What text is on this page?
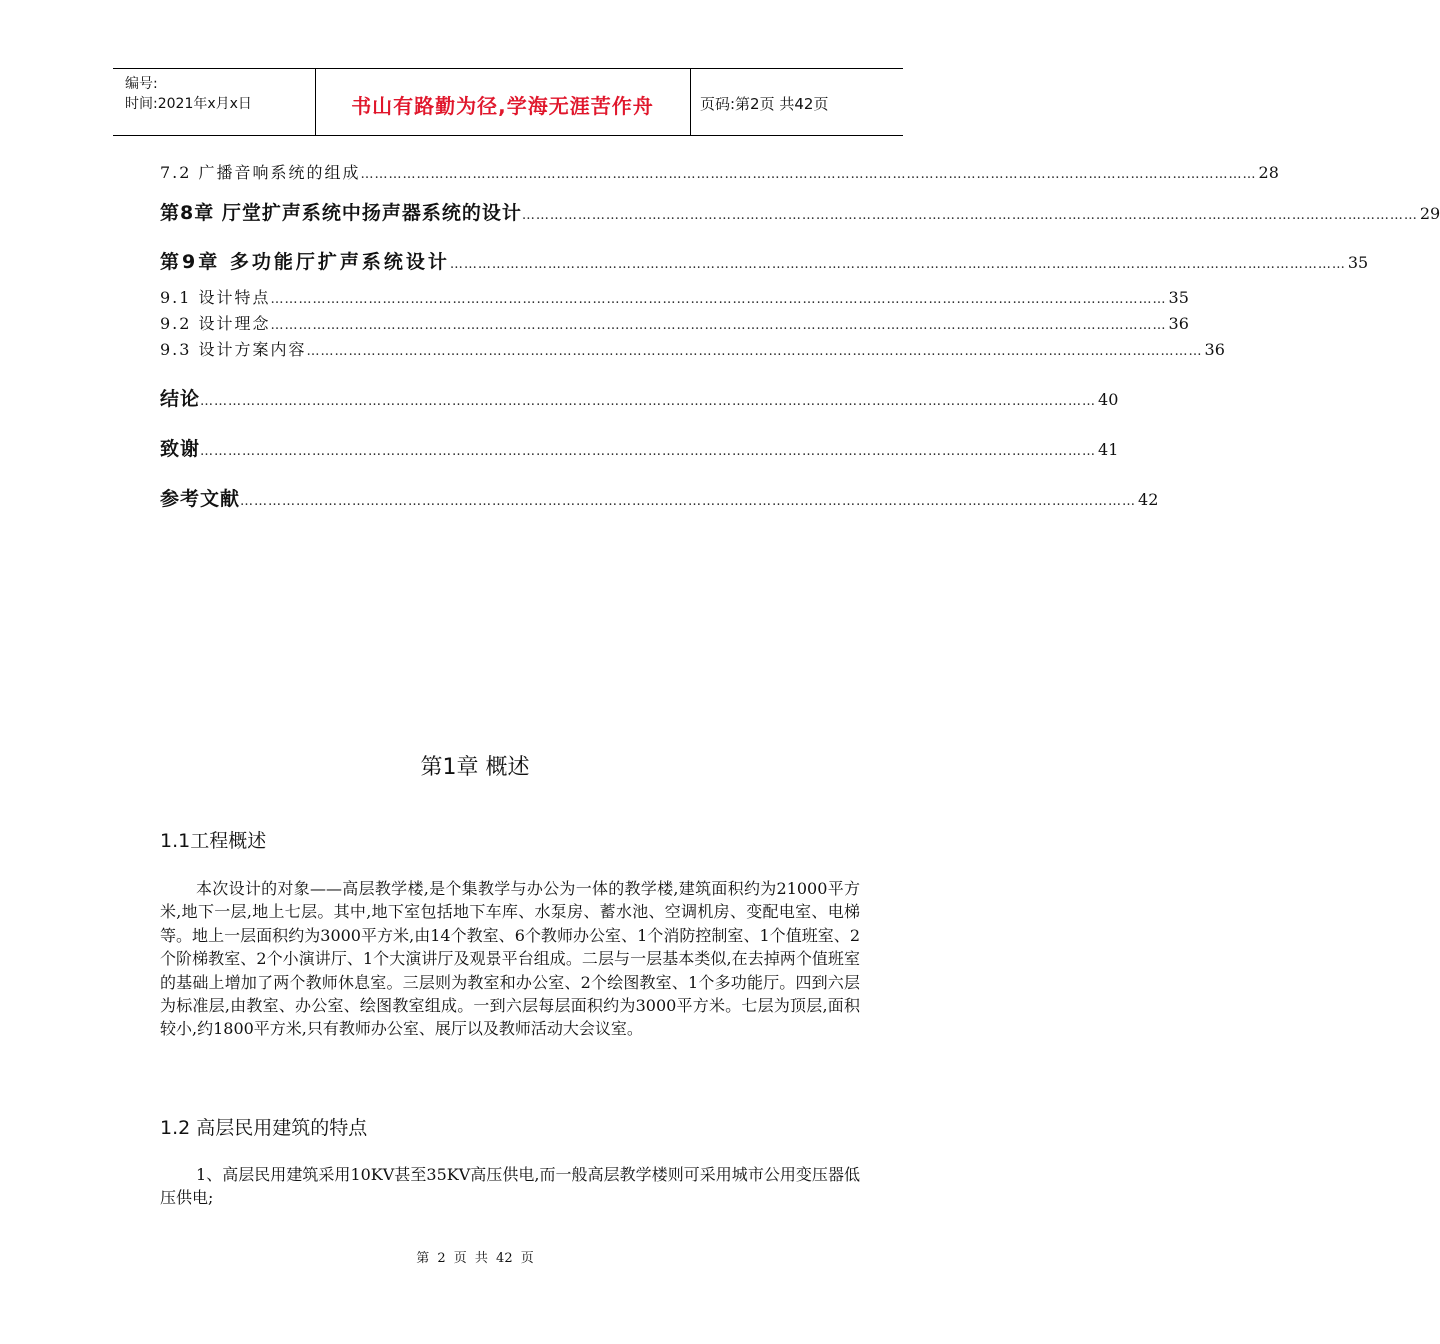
编号:
时间:2021年x月x日	书山有路勤为径,学海无涯苦作舟	页码:第2页 共42页
7.2 广播音响系统的组成 ………………………………………………………………………………………………………………………………………………………………………… 28
第8章 厅堂扩声系统中扬声器系统的设计 ………………………………………………………………………………………………………………………………………………………………………… 29
第9章 多功能厅扩声系统设计 ………………………………………………………………………………………………………………………………………………………………………… 35
9.1 设计特点 ………………………………………………………………………………………………………………………………………………………………………… 35
9.2 设计理念 ………………………………………………………………………………………………………………………………………………………………………… 36
9.3 设计方案内容 ………………………………………………………………………………………………………………………………………………………………………… 36
结论 ………………………………………………………………………………………………………………………………………………………………………… 40
致谢 ………………………………………………………………………………………………………………………………………………………………………… 41
参考文献 ………………………………………………………………………………………………………………………………………………………………………… 42
第1章 概述
1.1工程概述
本次设计的对象——高层教学楼,是个集教学与办公为一体的教学楼,建筑面积约为21000平方米,地下一层,地上七层。其中,地下室包括地下车库、水泵房、蓄水池、空调机房、变配电室、电梯等。地上一层面积约为3000平方米,由14个教室、6个教师办公室、1个消防控制室、1个值班室、2个阶梯教室、2个小演讲厅、1个大演讲厅及观景平台组成。二层与一层基本类似,在去掉两个值班室的基础上增加了两个教师休息室。三层则为教室和办公室、2个绘图教室、1个多功能厅。四到六层为标准层,由教室、办公室、绘图教室组成。一到六层每层面积约为3000平方米。七层为顶层,面积较小,约1800平方米,只有教师办公室、展厅以及教师活动大会议室。
1.2 高层民用建筑的特点
1、高层民用建筑采用10KV甚至35KV高压供电,而一般高层教学楼则可采用城市公用变压器低压供电;
第 2 页 共 42 页
